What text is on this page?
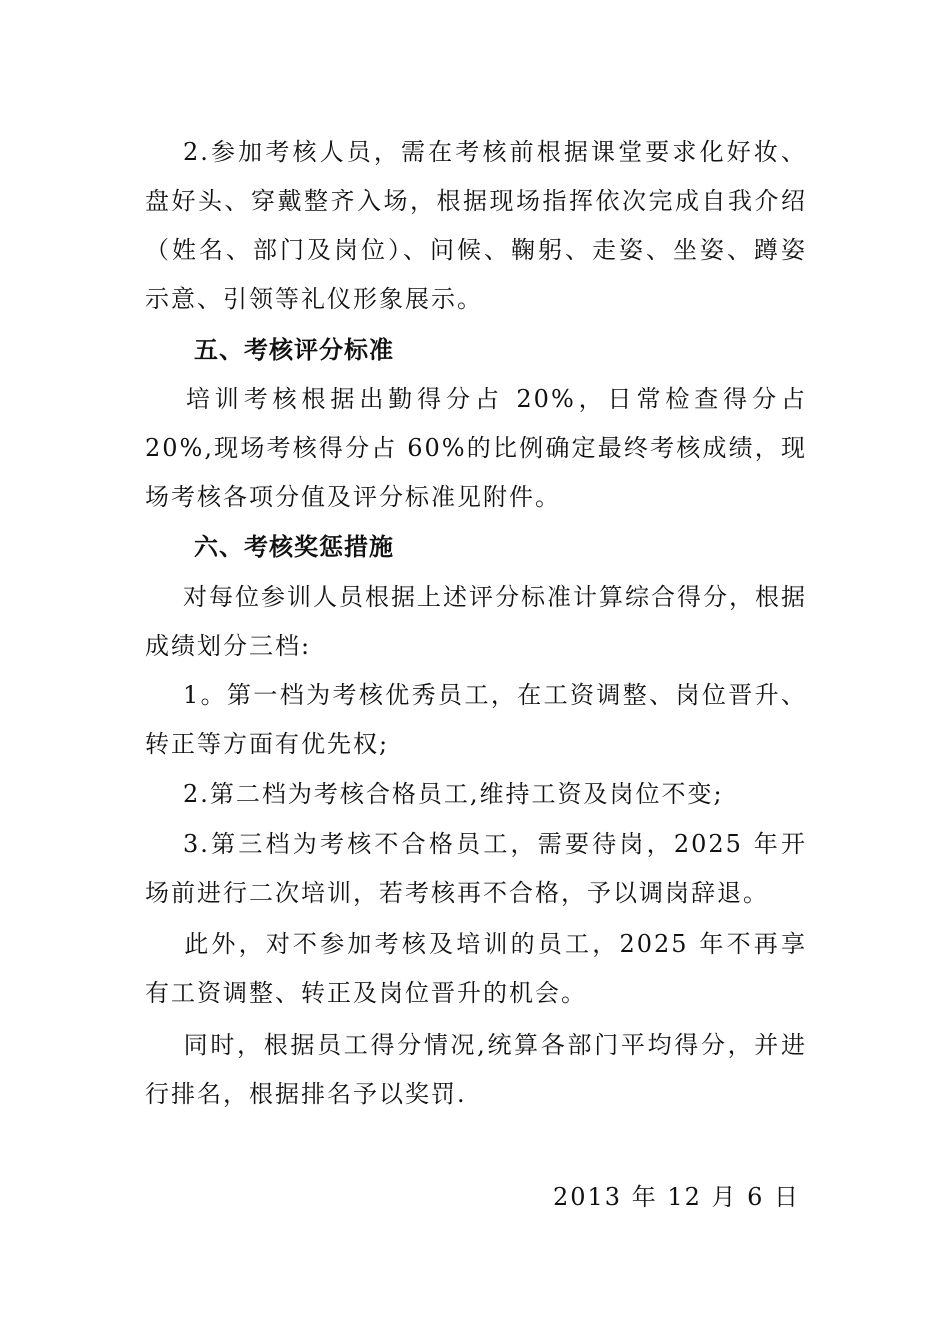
2.参加考核人员，需在考核前根据课堂要求化好妆、盘好头、穿戴整齐入场，根据现场指挥依次完成自我介绍（姓名、部门及岗位）、问候、鞠躬、走姿、坐姿、蹲姿示意、引领等礼仪形象展示。

五、考核评分标准

培训考核根据出勤得分占 20%，日常检查得分占 20%,现场考核得分占 60%的比例确定最终考核成绩，现场考核各项分值及评分标准见附件。

六、考核奖惩措施

对每位参训人员根据上述评分标准计算综合得分，根据成绩划分三档:

1。第一档为考核优秀员工，在工资调整、岗位晋升、转正等方面有优先权;

2.第二档为考核合格员工,维持工资及岗位不变;

3.第三档为考核不合格员工，需要待岗，2025 年开场前进行二次培训，若考核再不合格，予以调岗辞退。

此外，对不参加考核及培训的员工，2025 年不再享有工资调整、转正及岗位晋升的机会。

同时，根据员工得分情况,统算各部门平均得分，并进行排名，根据排名予以奖罚.

2013 年 12 月 6 日
